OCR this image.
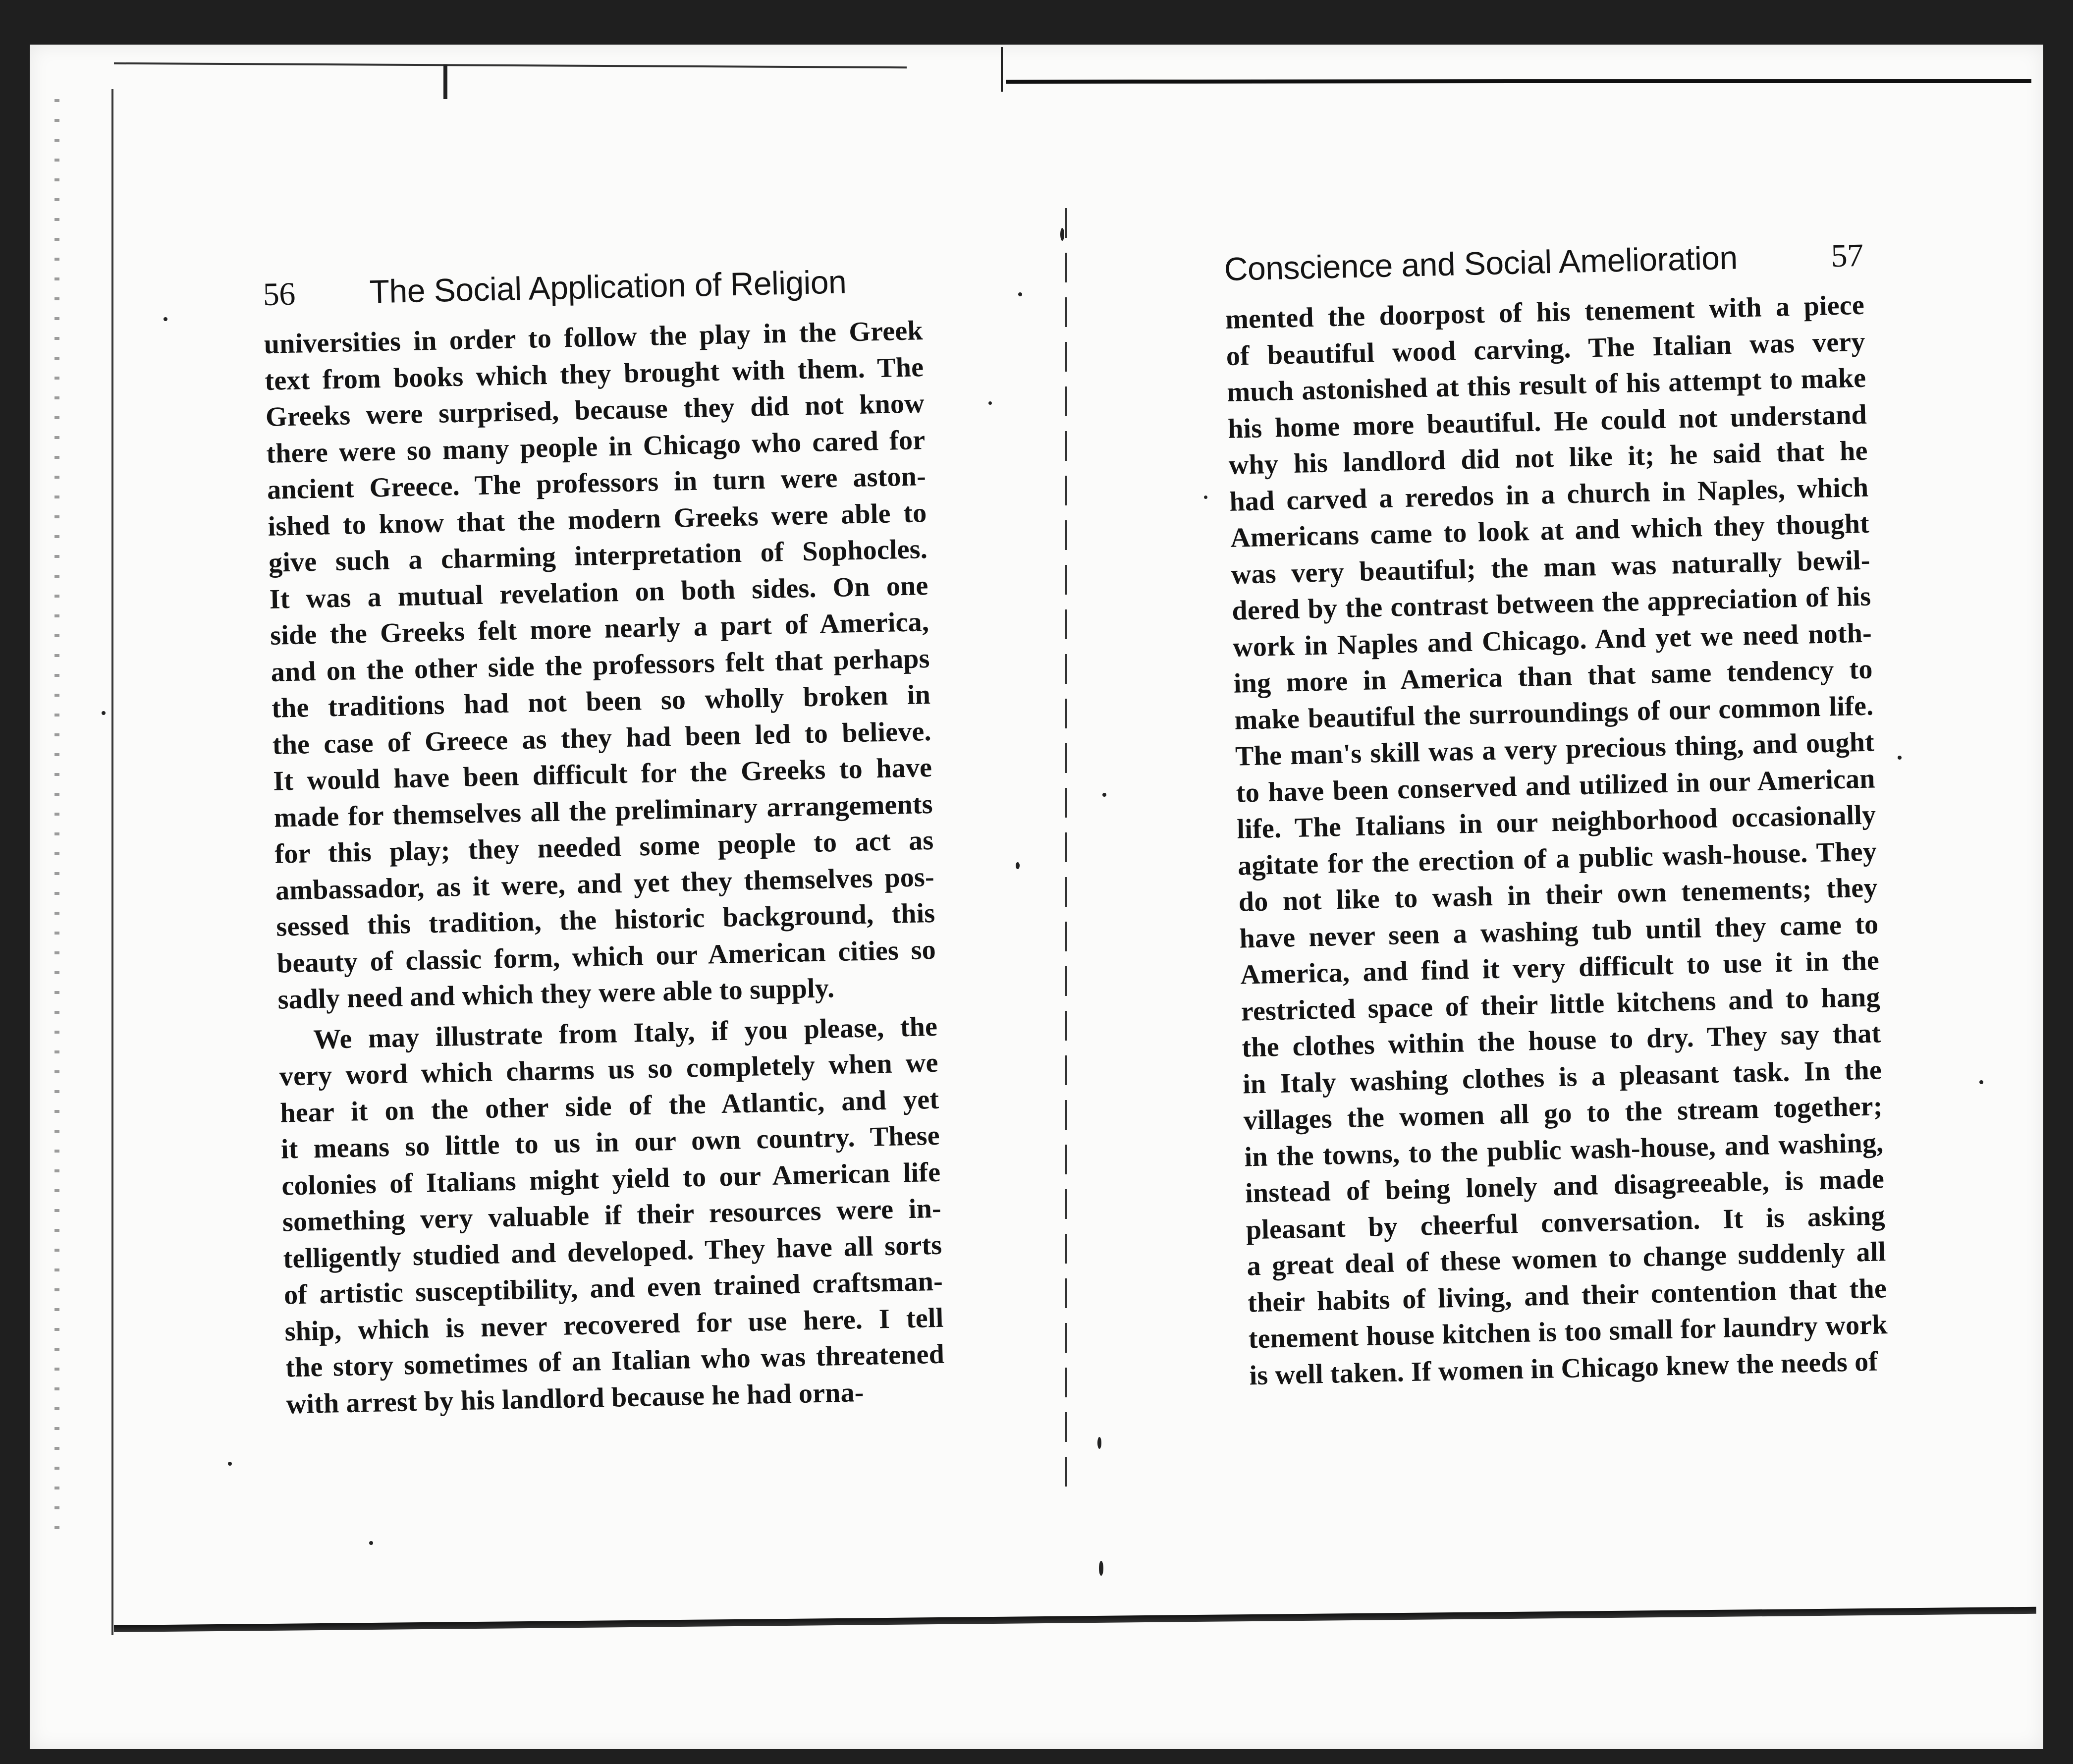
56 The Social Application of Religion
universities in order to follow the play in the Greek
text from books which they brought with them. The
Greeks were surprised, because they did not know
there were so many people in Chicago who cared for
ancient Greece. The professors in turn were aston-
ished to know that the modern Greeks were able to
give such a charming interpretation of Sophocles.
It was a mutual revelation on both sides. On one
side the Greeks felt more nearly a part of America,
and on the other side the professors felt that perhaps
the traditions had not been so wholly broken in
the case of Greece as they had been led to believe.
It would have been difficult for the Greeks to have
made for themselves all the preliminary arrangements
for this play; they needed some people to act as
ambassador, as it were, and yet they themselves pos-
sessed this tradition, the historic background, this
beauty of classic form, which our American cities so
sadly need and which they were able to supply.
We may illustrate from Italy, if you please, the
very word which charms us so completely when we
hear it on the other side of the Atlantic, and yet
it means so little to us in our own country. These
colonies of Italians might yield to our American life
something very valuable if their resources were in-
telligently studied and developed. They have all sorts
of artistic susceptibility, and even trained craftsman-
ship, which is never recovered for use here. I tell
the story sometimes of an Italian who was threatened
with arrest by his landlord because he had orna-
Conscience and Social Amelioration	57
mented the doorpost of his tenement with a piece
of beautiful wood carving. The Italian was very
much astonished at this result of his attempt to make
his home more beautiful. He could not understand
why his landlord did not like it; he said that he
had carved a reredos in a church in Naples, which
Americans came to look at and which they thought
was very beautiful; the man was naturally bewil-
dered by the contrast between the appreciation of his
work in Naples and Chicago. And yet we need noth-
ing more in America than that same tendency to
make beautiful the surroundings of our common life.
The man's skill was a very precious thing, and ought
to have been conserved and utilized in our American
life. The Italians in our neighborhood occasionally
agitate for the erection of a public wash-house. They
do not like to wash in their own tenements; they
have never seen a washing tub until they came to
America, and find it very difficult to use it in the
restricted space of their little kitchens and to hang
the clothes within the house to dry. They say that
in Italy washing clothes is a pleasant task. In the
villages the women all go to the stream together;
in the towns, to the public wash-house, and washing,
instead of being lonely and disagreeable, is made
pleasant by cheerful conversation. It is asking
a great deal of these women to change suddenly all
their habits of living, and their contention that the
tenement house kitchen is too small for laundry work
is well taken. If women in Chicago knew the needs of
